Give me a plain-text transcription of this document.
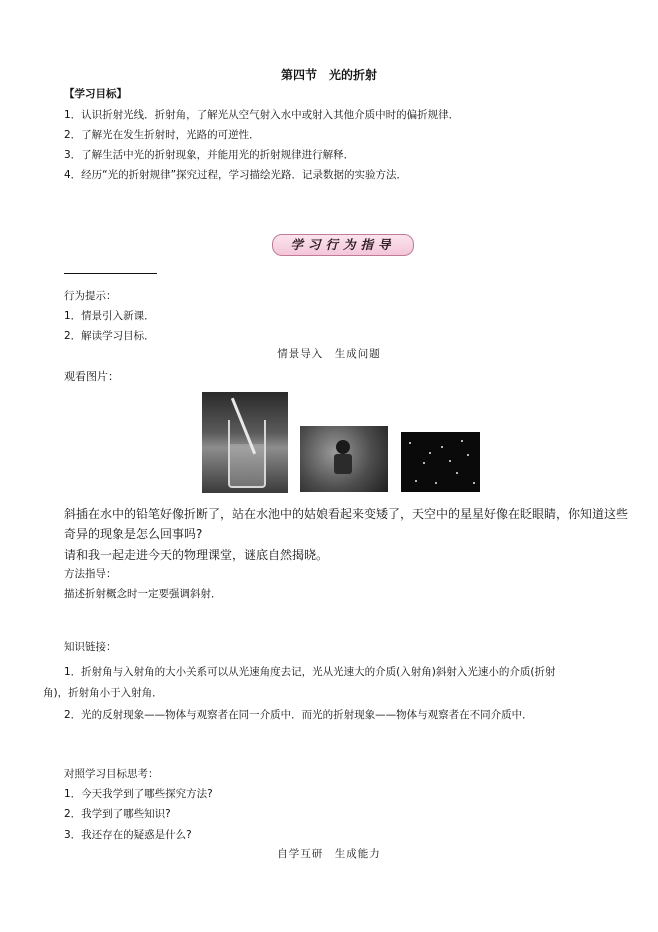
第四节　光的折射
【学习目标】
1．认识折射光线．折射角，了解光从空气射入水中或射入其他介质中时的偏折规律．
2．了解光在发生折射时，光路的可逆性．
3．了解生活中光的折射现象，并能用光的折射规律进行解释．
4．经历“光的折射规律”探究过程，学习描绘光路．记录数据的实验方法．
学习行为指导
行为提示：
1．情景引入新课．
2．解读学习目标．
情景导入　生成问题
观看图片：
斜插在水中的铅笔好像折断了，站在水池中的姑娘看起来变矮了，天空中的星星好像在眨眼睛，你知道这些
奇异的现象是怎么回事吗?
请和我一起走进今天的物理课堂，谜底自然揭晓。
方法指导：
描述折射概念时一定要强调斜射．
知识链接：
1．折射角与入射角的大小关系可以从光速角度去记，光从光速大的介质(入射角)斜射入光速小的介质(折射
角)，折射角小于入射角．
2．光的反射现象——物体与观察者在同一介质中．而光的折射现象——物体与观察者在不同介质中．
对照学习目标思考：
1．今天我学到了哪些探究方法?
2．我学到了哪些知识?
3．我还存在的疑惑是什么?
自学互研　生成能力
